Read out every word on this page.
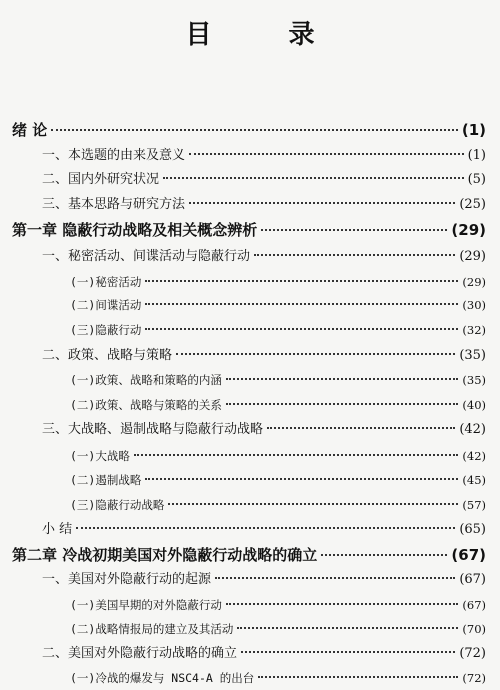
目 录
绪 论	(1)
一、本选题的由来及意义	(1)
二、国内外研究状况	(5)
三、基本思路与研究方法	(25)
第一章 隐蔽行动战略及相关概念辨析	(29)
一、秘密活动、间谍活动与隐蔽行动	(29)
(一)秘密活动	(29)
(二)间谍活动	(30)
(三)隐蔽行动	(32)
二、政策、战略与策略	(35)
(一)政策、战略和策略的内涵	(35)
(二)政策、战略与策略的关系	(40)
三、大战略、遏制战略与隐蔽行动战略	(42)
(一)大战略	(42)
(二)遏制战略	(45)
(三)隐蔽行动战略	(57)
小 结	(65)
第二章 冷战初期美国对外隐蔽行动战略的确立	(67)
一、美国对外隐蔽行动的起源	(67)
(一)美国早期的对外隐蔽行动	(67)
(二)战略情报局的建立及其活动	(70)
二、美国对外隐蔽行动战略的确立	(72)
(一)冷战的爆发与 NSC4-A 的出台	(72)
